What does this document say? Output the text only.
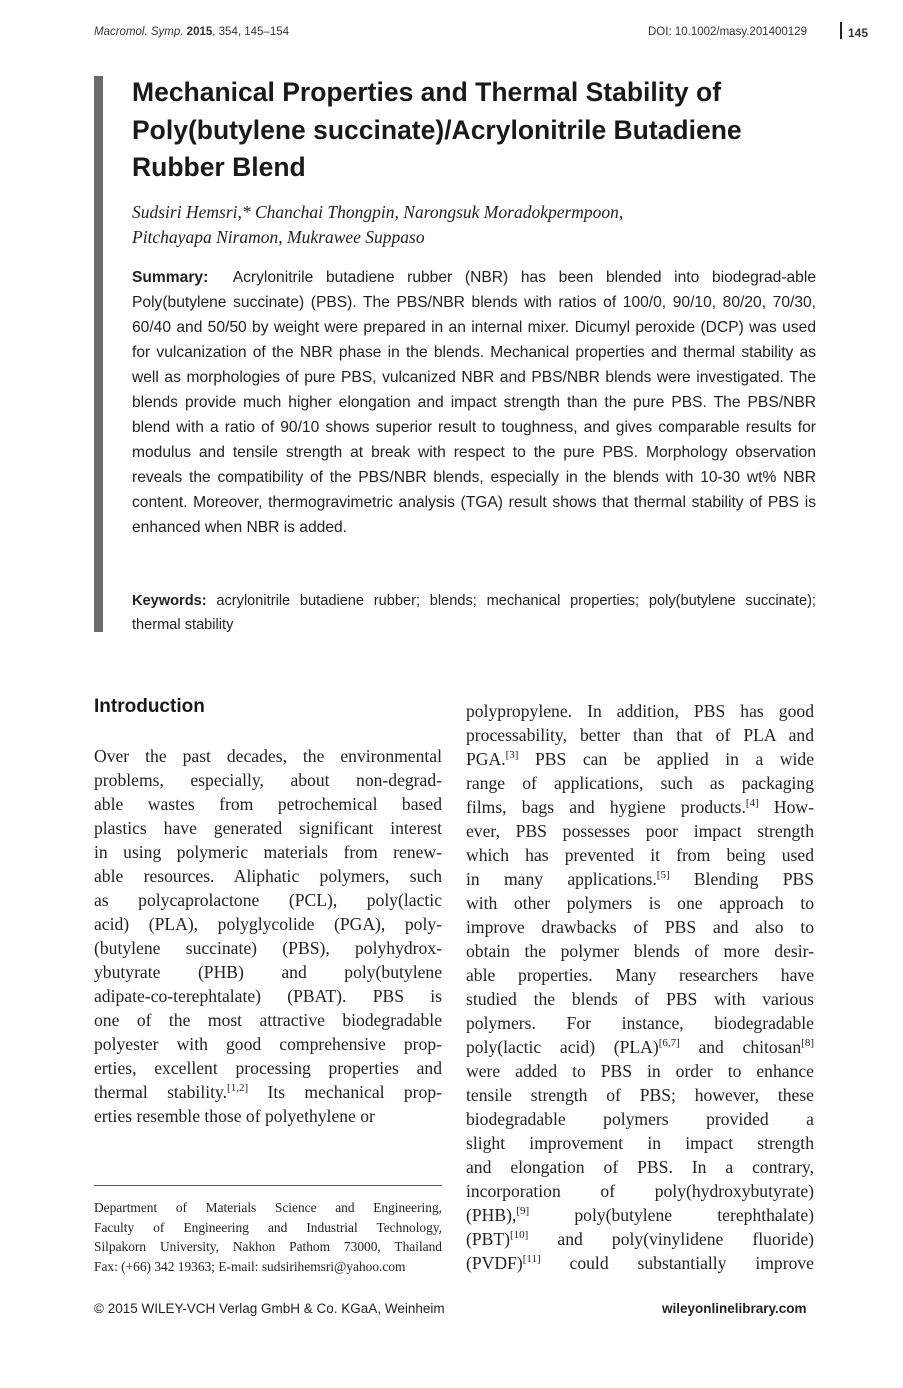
Macromol. Symp. 2015, 354, 145–154	DOI: 10.1002/masy.201400129	145
Mechanical Properties and Thermal Stability of
Poly(butylene succinate)/Acrylonitrile Butadiene
Rubber Blend
Sudsiri Hemsri,* Chanchai Thongpin, Narongsuk Moradokpermpoon,
Pitchayapa Niramon, Mukrawee Suppaso
Summary: Acrylonitrile butadiene rubber (NBR) has been blended into biodegrad-able Poly(butylene succinate) (PBS). The PBS/NBR blends with ratios of 100/0, 90/10, 80/20, 70/30, 60/40 and 50/50 by weight were prepared in an internal mixer. Dicumyl peroxide (DCP) was used for vulcanization of the NBR phase in the blends. Mechanical properties and thermal stability as well as morphologies of pure PBS, vulcanized NBR and PBS/NBR blends were investigated. The blends provide much higher elongation and impact strength than the pure PBS. The PBS/NBR blend with a ratio of 90/10 shows superior result to toughness, and gives comparable results for modulus and tensile strength at break with respect to the pure PBS. Morphology observation reveals the compatibility of the PBS/NBR blends, especially in the blends with 10-30 wt% NBR content. Moreover, thermogravimetric analysis (TGA) result shows that thermal stability of PBS is enhanced when NBR is added.
Keywords: acrylonitrile butadiene rubber; blends; mechanical properties; poly(butylene succinate); thermal stability
Introduction
Over the past decades, the environmental
problems, especially, about non-degrad-
able wastes from petrochemical based
plastics have generated significant interest
in using polymeric materials from renew-
able resources. Aliphatic polymers, such
as polycaprolactone (PCL), poly(lactic
acid) (PLA), polyglycolide (PGA), poly-
(butylene succinate) (PBS), polyhydrox-
ybutyrate (PHB) and poly(butylene
adipate-co-terephtalate) (PBAT). PBS is
one of the most attractive biodegradable
polyester with good comprehensive prop-
erties, excellent processing properties and
thermal stability.[1,2] Its mechanical prop-
erties resemble those of polyethylene or
polypropylene. In addition, PBS has good
processability, better than that of PLA and
PGA.[3] PBS can be applied in a wide
range of applications, such as packaging
films, bags and hygiene products.[4] How-
ever, PBS possesses poor impact strength
which has prevented it from being used
in many applications.[5] Blending PBS
with other polymers is one approach to
improve drawbacks of PBS and also to
obtain the polymer blends of more desir-
able properties. Many researchers have
studied the blends of PBS with various
polymers. For instance, biodegradable
poly(lactic acid) (PLA)[6,7] and chitosan[8]
were added to PBS in order to enhance
tensile strength of PBS; however, these
biodegradable polymers provided a
slight improvement in impact strength
and elongation of PBS. In a contrary,
incorporation of poly(hydroxybutyrate)
(PHB),[9] poly(butylene terephthalate)
(PBT)[10] and poly(vinylidene fluoride)
(PVDF)[11] could substantially improve
Department of Materials Science and Engineering,
Faculty of Engineering and Industrial Technology,
Silpakorn University, Nakhon Pathom 73000, Thailand
Fax: (+66) 342 19363; E-mail: sudsirihemsri@yahoo.com
© 2015 WILEY-VCH Verlag GmbH & Co. KGaA, Weinheim	wileyonlinelibrary.com
